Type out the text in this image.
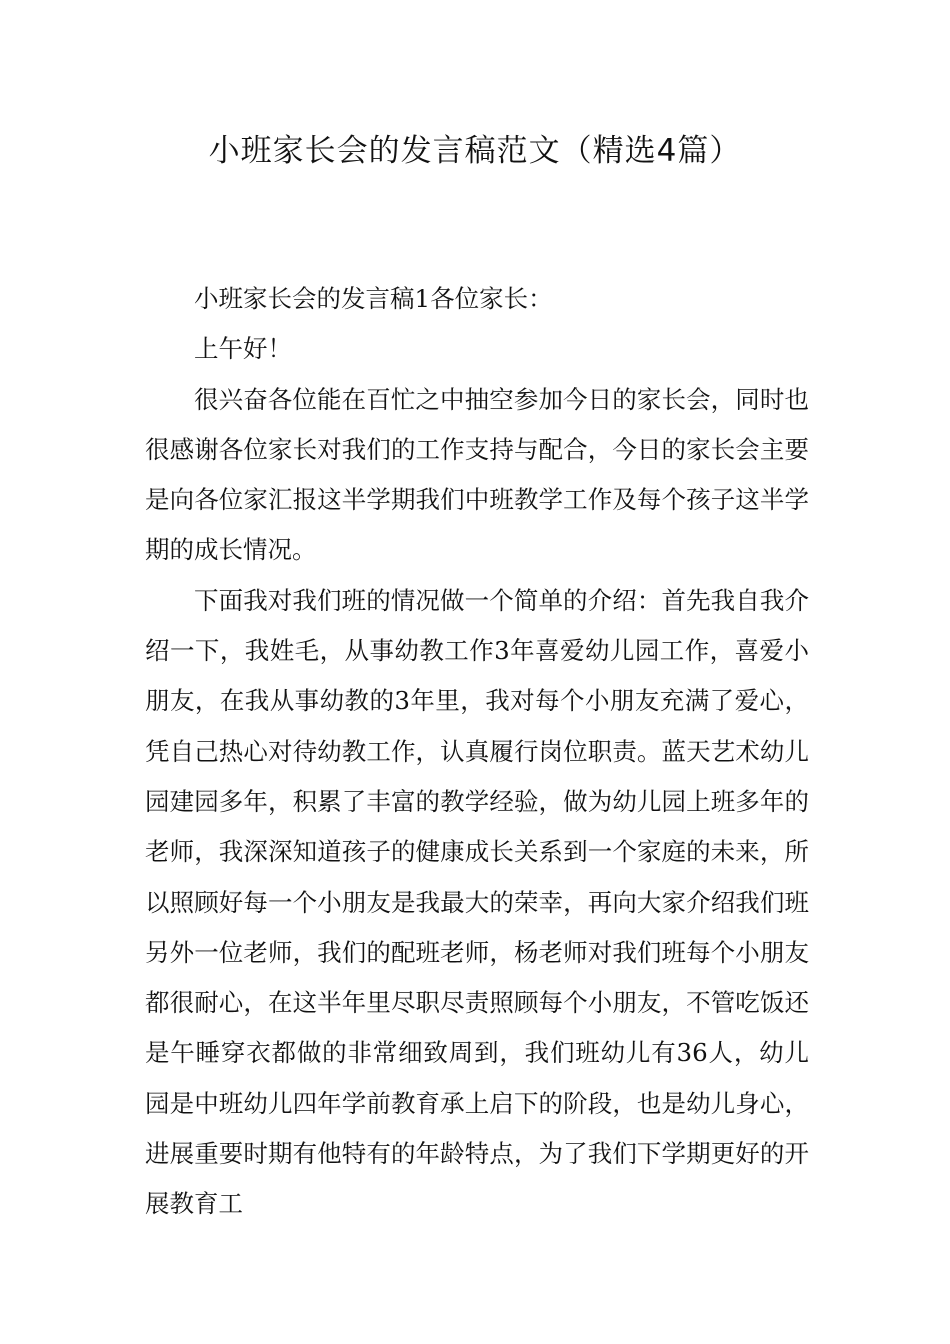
小班家长会的发言稿范文（精选4篇）

小班家长会的发言稿1各位家长：

上午好！

很兴奋各位能在百忙之中抽空参加今日的家长会，同时也很感谢各位家长对我们的工作支持与配合，今日的家长会主要是向各位家汇报这半学期我们中班教学工作及每个孩子这半学期的成长情况。

下面我对我们班的情况做一个简单的介绍：首先我自我介绍一下，我姓毛，从事幼教工作3年喜爱幼儿园工作，喜爱小朋友，在我从事幼教的3年里，我对每个小朋友充满了爱心，凭自己热心对待幼教工作，认真履行岗位职责。蓝天艺术幼儿园建园多年，积累了丰富的教学经验，做为幼儿园上班多年的老师，我深深知道孩子的健康成长关系到一个家庭的未来，所以照顾好每一个小朋友是我最大的荣幸，再向大家介绍我们班另外一位老师，我们的配班老师，杨老师对我们班每个小朋友都很耐心，在这半年里尽职尽责照顾每个小朋友，不管吃饭还是午睡穿衣都做的非常细致周到，我们班幼儿有36人，幼儿园是中班幼儿四年学前教育承上启下的阶段，也是幼儿身心，进展重要时期有他特有的年龄特点，为了我们下学期更好的开展教育工
